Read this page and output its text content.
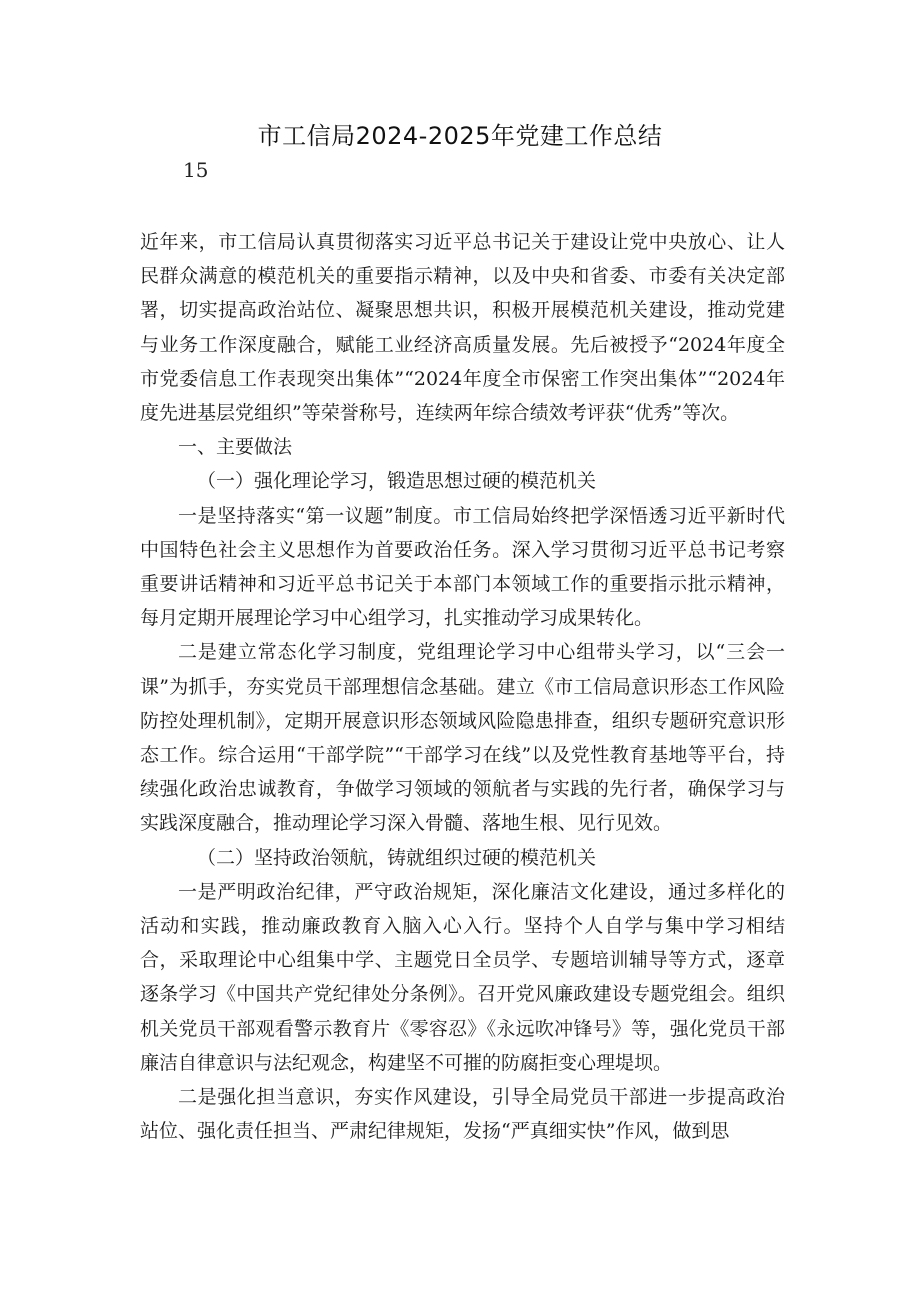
市工信局2024-2025年党建工作总结
15

近年来，市工信局认真贯彻落实习近平总书记关于建设让党中央放心、让人民群众满意的模范机关的重要指示精神，以及中央和省委、市委有关决定部署，切实提高政治站位、凝聚思想共识，积极开展模范机关建设，推动党建与业务工作深度融合，赋能工业经济高质量发展。先后被授予“2024年度全市党委信息工作表现突出集体”“2024年度全市保密工作突出集体”“2024年度先进基层党组织”等荣誉称号，连续两年综合绩效考评获“优秀”等次。

一、主要做法

（一）强化理论学习，锻造思想过硬的模范机关

一是坚持落实“第一议题”制度。市工信局始终把学深悟透习近平新时代中国特色社会主义思想作为首要政治任务。深入学习贯彻习近平总书记考察重要讲话精神和习近平总书记关于本部门本领域工作的重要指示批示精神，每月定期开展理论学习中心组学习，扎实推动学习成果转化。

二是建立常态化学习制度，党组理论学习中心组带头学习，以“三会一课”为抓手，夯实党员干部理想信念基础。建立《市工信局意识形态工作风险防控处理机制》，定期开展意识形态领域风险隐患排查，组织专题研究意识形态工作。综合运用“干部学院”“干部学习在线”以及党性教育基地等平台，持续强化政治忠诚教育，争做学习领域的领航者与实践的先行者，确保学习与实践深度融合，推动理论学习深入骨髓、落地生根、见行见效。

（二）坚持政治领航，铸就组织过硬的模范机关

一是严明政治纪律，严守政治规矩，深化廉洁文化建设，通过多样化的活动和实践，推动廉政教育入脑入心入行。坚持个人自学与集中学习相结合，采取理论中心组集中学、主题党日全员学、专题培训辅导等方式，逐章逐条学习《中国共产党纪律处分条例》。召开党风廉政建设专题党组会。组织机关党员干部观看警示教育片《零容忍》《永远吹冲锋号》等，强化党员干部廉洁自律意识与法纪观念，构建坚不可摧的防腐拒变心理堤坝。

二是强化担当意识，夯实作风建设，引导全局党员干部进一步提高政治站位、强化责任担当、严肃纪律规矩，发扬“严真细实快”作风，做到思
